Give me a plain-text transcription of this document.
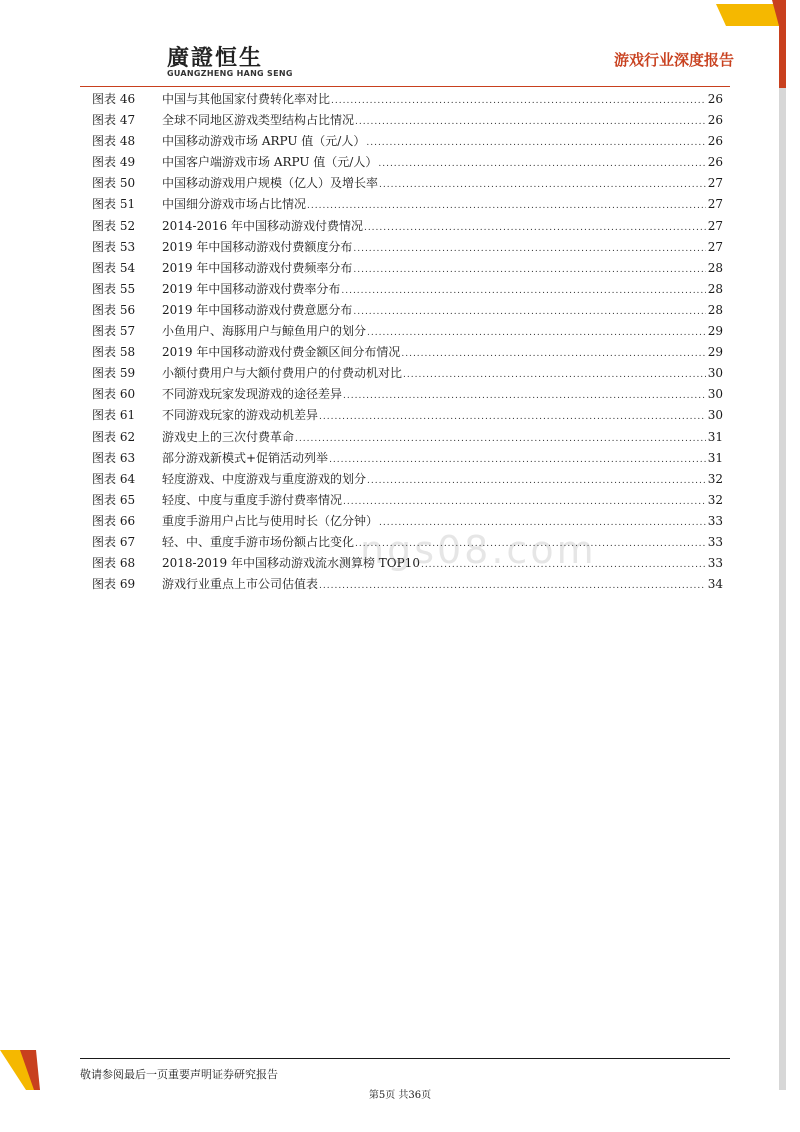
廣證恒生
GUANGZHENG HANG SENG
游戏行业深度报告
图表 46	中国与其他国家付费转化率对比 .....	26
图表 47	全球不同地区游戏类型结构占比情况 .....	26
图表 48	中国移动游戏市场 ARPU 值（元/人） .....	26
图表 49	中国客户端游戏市场 ARPU 值（元/人） .....	26
图表 50	中国移动游戏用户规模（亿人）及增长率 .....	27
图表 51	中国细分游戏市场占比情况 .....	27
图表 52	2014-2016 年中国移动游戏付费情况 .....	27
图表 53	2019 年中国移动游戏付费额度分布 .....	27
图表 54	2019 年中国移动游戏付费频率分布 .....	28
图表 55	2019 年中国移动游戏付费率分布 .....	28
图表 56	2019 年中国移动游戏付费意愿分布 .....	28
图表 57	小鱼用户、海豚用户与鲸鱼用户的划分 .....	29
图表 58	2019 年中国移动游戏付费金额区间分布情况 .....	29
图表 59	小额付费用户与大额付费用户的付费动机对比 .....	30
图表 60	不同游戏玩家发现游戏的途径差异 .....	30
图表 61	不同游戏玩家的游戏动机差异 .....	30
图表 62	游戏史上的三次付费革命 .....	31
图表 63	部分游戏新模式+促销活动列举 .....	31
图表 64	轻度游戏、中度游戏与重度游戏的划分 .....	32
图表 65	轻度、中度与重度手游付费率情况 .....	32
图表 66	重度手游用户占比与使用时长（亿分钟） .....	33
图表 67	轻、中、重度手游市场份额占比变化 .....	33
图表 68	2018-2019 年中国移动游戏流水测算榜 TOP10 .....	33
图表 69	游戏行业重点上市公司估值表 .....	34
ngs08.com
敬请参阅最后一页重要声明证券研究报告
第5页 共36页
